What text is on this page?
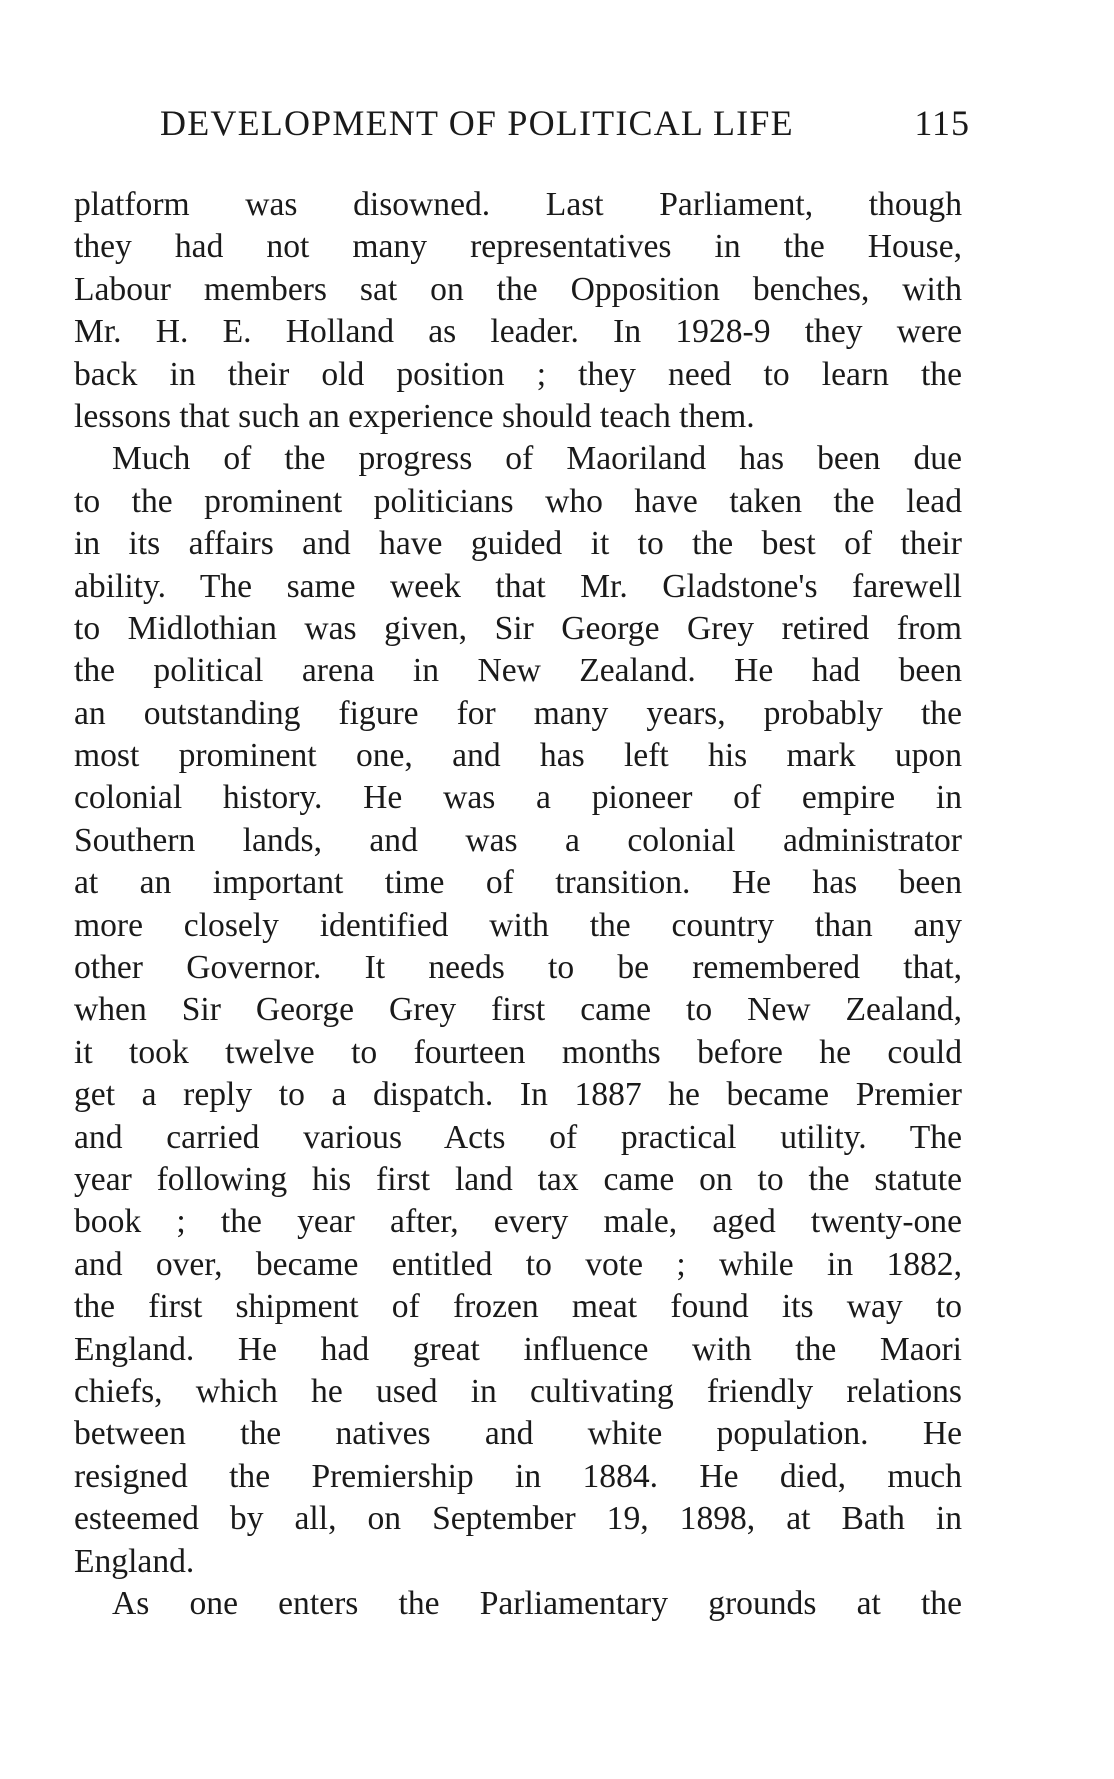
DEVELOPMENT OF POLITICAL LIFE	115
platform was disowned. Last Parliament, though
they had not many representatives in the House,
Labour members sat on the Opposition benches, with
Mr. H. E. Holland as leader. In 1928-9 they were
back in their old position ; they need to learn the
lessons that such an experience should teach them.
Much of the progress of Maoriland has been due
to the prominent politicians who have taken the lead
in its affairs and have guided it to the best of their
ability. The same week that Mr. Gladstone's farewell
to Midlothian was given, Sir George Grey retired from
the political arena in New Zealand. He had been
an outstanding figure for many years, probably the
most prominent one, and has left his mark upon
colonial history. He was a pioneer of empire in
Southern lands, and was a colonial administrator
at an important time of transition. He has been
more closely identified with the country than any
other Governor. It needs to be remembered that,
when Sir George Grey first came to New Zealand,
it took twelve to fourteen months before he could
get a reply to a dispatch. In 1887 he became Premier
and carried various Acts of practical utility. The
year following his first land tax came on to the statute
book ; the year after, every male, aged twenty-one
and over, became entitled to vote ; while in 1882,
the first shipment of frozen meat found its way to
England. He had great influence with the Maori
chiefs, which he used in cultivating friendly relations
between the natives and white population. He
resigned the Premiership in 1884. He died, much
esteemed by all, on September 19, 1898, at Bath in
England.
As one enters the Parliamentary grounds at the
